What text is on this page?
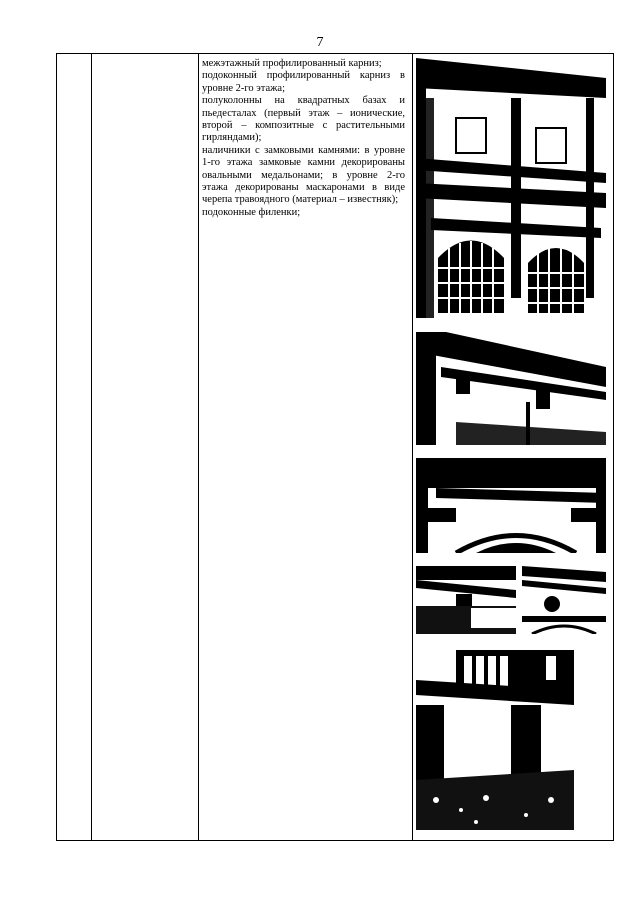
7

межэтажный профилированный карниз;

подоконный профилированный карниз в уровне 2-го этажа;

полуколонны на квадратных базах и пьедесталах (первый этаж – ионические, второй – композитные с растительными гирляндами);

наличники с замковыми камнями: в уровне 1-го этажа замковые камни декорированы овальными медальонами; в уровне 2-го этажа декорированы маскаронами в виде черепа травоядного (материал – известняк);

подоконные филенки;
